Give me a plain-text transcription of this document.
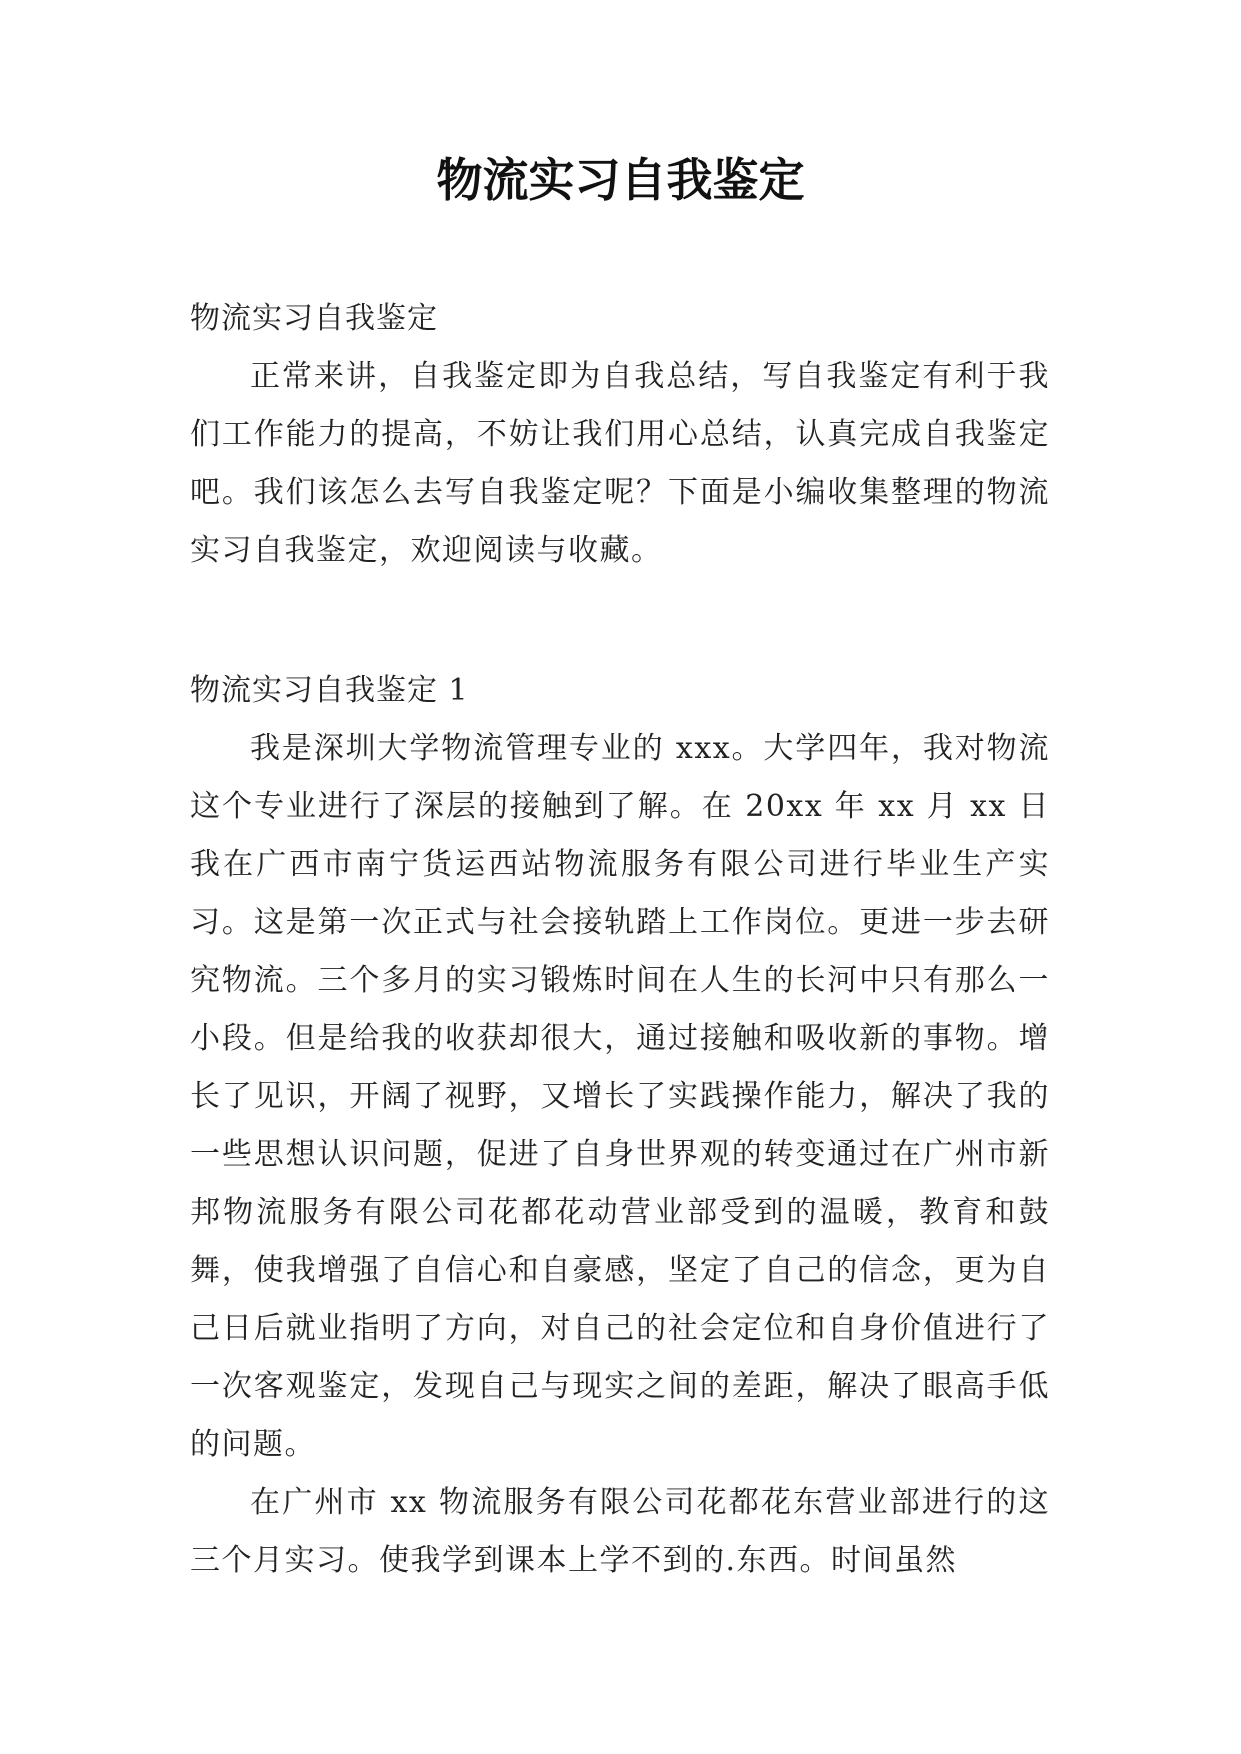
物流实习自我鉴定

物流实习自我鉴定

正常来讲，自我鉴定即为自我总结，写自我鉴定有利于我们工作能力的提高，不妨让我们用心总结，认真完成自我鉴定吧。我们该怎么去写自我鉴定呢？下面是小编收集整理的物流实习自我鉴定，欢迎阅读与收藏。

物流实习自我鉴定 1

我是深圳大学物流管理专业的 xxx。大学四年，我对物流这个专业进行了深层的接触到了解。在 20xx 年 xx 月 xx 日我在广西市南宁货运西站物流服务有限公司进行毕业生产实习。这是第一次正式与社会接轨踏上工作岗位。更进一步去研究物流。三个多月的实习锻炼时间在人生的长河中只有那么一小段。但是给我的收获却很大，通过接触和吸收新的事物。增长了见识，开阔了视野，又增长了实践操作能力，解决了我的一些思想认识问题，促进了自身世界观的转变通过在广州市新邦物流服务有限公司花都花动营业部受到的温暖，教育和鼓舞，使我增强了自信心和自豪感，坚定了自己的信念，更为自己日后就业指明了方向，对自己的社会定位和自身价值进行了一次客观鉴定，发现自己与现实之间的差距，解决了眼高手低的问题。

在广州市 xx 物流服务有限公司花都花东营业部进行的这三个月实习。使我学到课本上学不到的.东西。时间虽然
